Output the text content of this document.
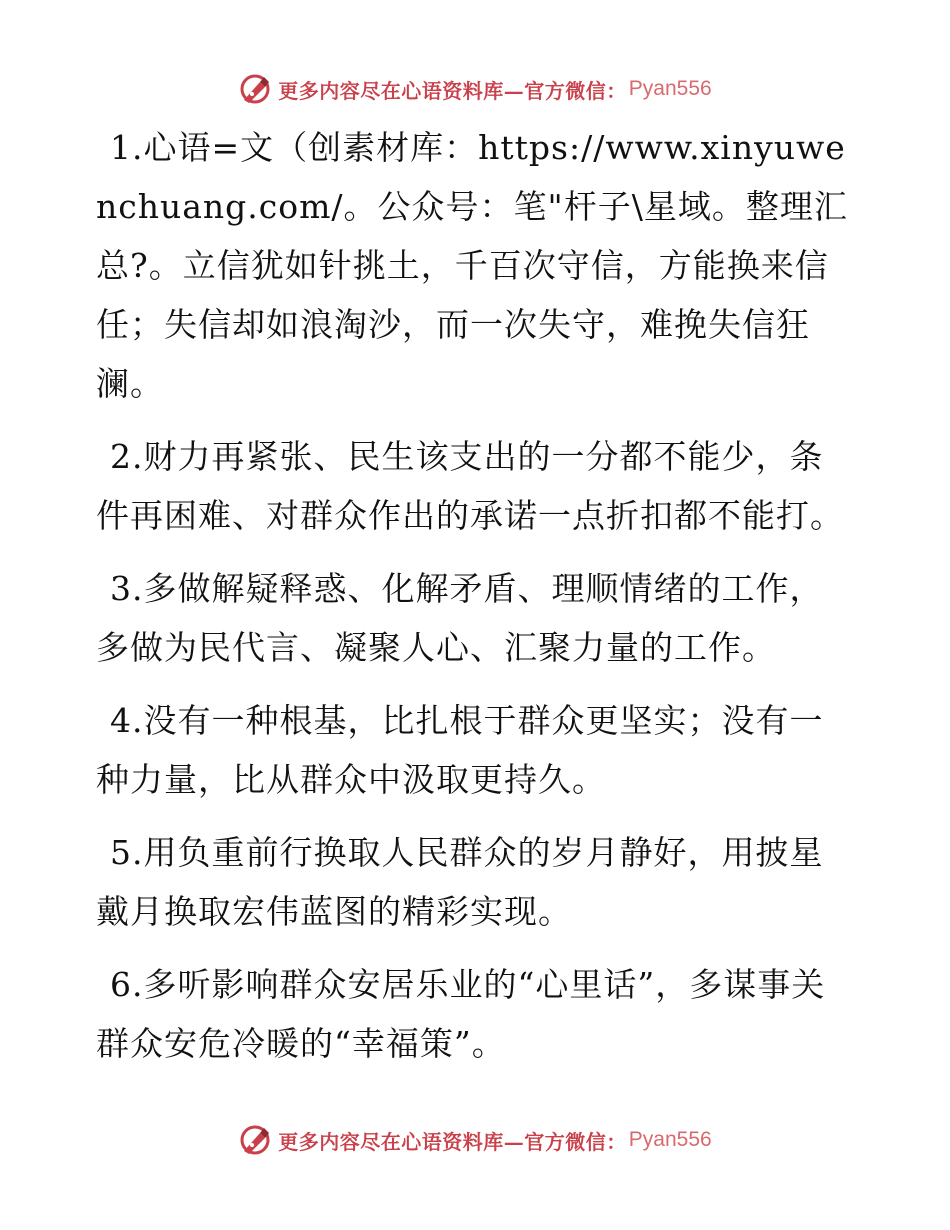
更多内容尽在心语资料库—官方微信： Pyan556

1.心语=文（创素材库：https://www.xinyuwenchuang.com/。公众号：笔"杆子\星域。整理汇总?。立信犹如针挑土，千百次守信，方能换来信任；失信却如浪淘沙，而一次失守，难挽失信狂澜。

2.财力再紧张、民生该支出的一分都不能少，条件再困难、对群众作出的承诺一点折扣都不能打。

3.多做解疑释惑、化解矛盾、理顺情绪的工作，多做为民代言、凝聚人心、汇聚力量的工作。

4.没有一种根基，比扎根于群众更坚实；没有一种力量，比从群众中汲取更持久。

5.用负重前行换取人民群众的岁月静好，用披星戴月换取宏伟蓝图的精彩实现。

6.多听影响群众安居乐业的“心里话”，多谋事关群众安危冷暖的“幸福策”。

更多内容尽在心语资料库—官方微信： Pyan556
